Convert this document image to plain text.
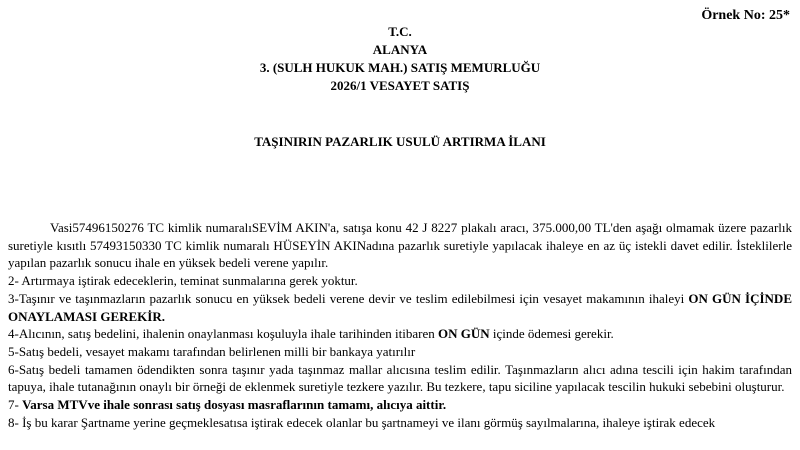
Örnek No: 25*
T.C.
ALANYA
3. (SULH HUKUK MAH.) SATIŞ MEMURLUĞU
2026/1 VESAYET SATIŞ
TAŞINIRIN PAZARLIK USULÜ ARTIRMA İLANI

Vasi57496150276 TC kimlik numaralıSEVİM AKIN'a, satışa konu 42 J 8227 plakalı aracı, 375.000,00 TL'den aşağı olmamak üzere pazarlık suretiyle kısıtlı 57493150330 TC kimlik numaralı HÜSEYİN AKINadına pazarlık suretiyle yapılacak ihaleye en az üç istekli davet edilir. İsteklilerle yapılan pazarlık sonucu ihale en yüksek bedeli verene yapılır.

2- Artırmaya iştirak edeceklerin, teminat sunmalarına gerek yoktur.

3-Taşınır ve taşınmazların pazarlık sonucu en yüksek bedeli verene devir ve teslim edilebilmesi için vesayet makamının ihaleyi ON GÜN İÇİNDE ONAYLAMASI GEREKİR.

4-Alıcının, satış bedelini, ihalenin onaylanması koşuluyla ihale tarihinden itibaren ON GÜN içinde ödemesi gerekir.

5-Satış bedeli, vesayet makamı tarafından belirlenen milli bir bankaya yatırılır

6-Satış bedeli tamamen ödendikten sonra taşınır yada taşınmaz mallar alıcısına teslim edilir. Taşınmazların alıcı adına tescili için hakim tarafından tapuya, ihale tutanağının onaylı bir örneği de eklenmek suretiyle tezkere yazılır. Bu tezkere, tapu siciline yapılacak tescilin hukuki sebebini oluşturur.

7- Varsa MTVve ihale sonrası satış dosyası masraflarının tamamı, alıcıya aittir.

8- İş bu karar Şartname yerine geçmeklesatısa iştirak edecek olanlar bu şartnameyi ve ilanı görmüş sayılmalarına, ihaleye iştirak edecek
